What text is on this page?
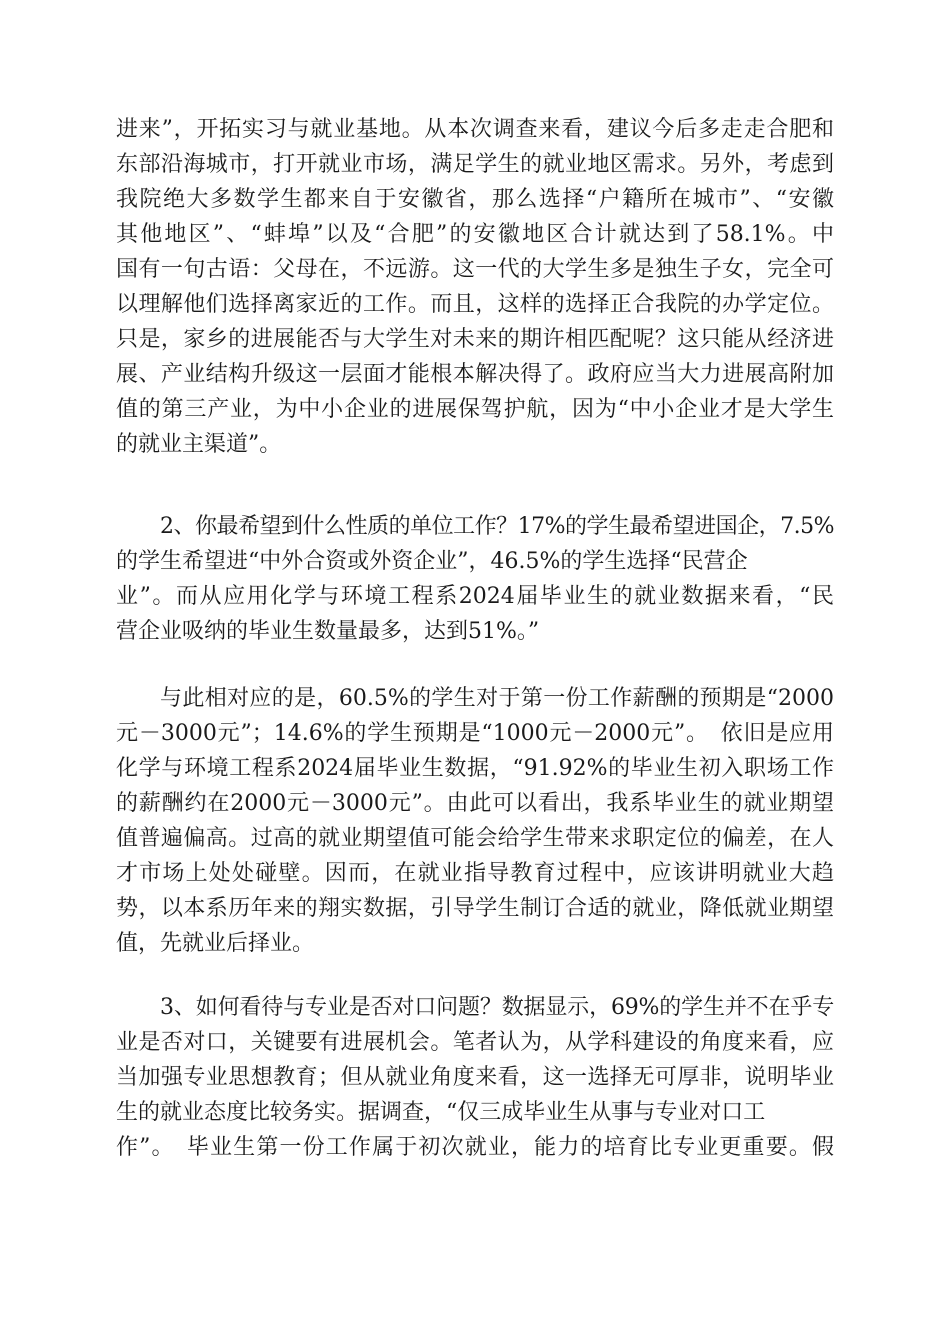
进来”，开拓实习与就业基地。从本次调查来看，建议今后多走走合肥和
东部沿海城市，打开就业市场，满足学生的就业地区需求。另外，考虑到
我院绝大多数学生都来自于安徽省，那么选择“户籍所在城市”、“安徽
其他地区”、“蚌埠”以及“合肥”的安徽地区合计就达到了58.1%。中
国有一句古语：父母在，不远游。这一代的大学生多是独生子女，完全可
以理解他们选择离家近的工作。而且，这样的选择正合我院的办学定位。
只是，家乡的进展能否与大学生对未来的期许相匹配呢？这只能从经济进
展、产业结构升级这一层面才能根本解决得了。政府应当大力进展高附加
值的第三产业，为中小企业的进展保驾护航，因为“中小企业才是大学生
的就业主渠道”。
2、你最希望到什么性质的单位工作？17%的学生最希望进国企，7.5%
的学生希望进“中外合资或外资企业”，46.5%的学生选择“民营企
业”。而从应用化学与环境工程系2024届毕业生的就业数据来看，“民
营企业吸纳的毕业生数量最多，达到51%。”
与此相对应的是，60.5%的学生对于第一份工作薪酬的预期是“2000
元－3000元”；14.6%的学生预期是“1000元－2000元”。　依旧是应用
化学与环境工程系2024届毕业生数据，“91.92%的毕业生初入职场工作
的薪酬约在2000元－3000元”。由此可以看出，我系毕业生的就业期望
值普遍偏高。过高的就业期望值可能会给学生带来求职定位的偏差，在人
才市场上处处碰壁。因而，在就业指导教育过程中，应该讲明就业大趋
势，以本系历年来的翔实数据，引导学生制订合适的就业，降低就业期望
值，先就业后择业。
3、如何看待与专业是否对口问题？数据显示，69%的学生并不在乎专
业是否对口，关键要有进展机会。笔者认为，从学科建设的角度来看，应
当加强专业思想教育；但从就业角度来看，这一选择无可厚非，说明毕业
生的就业态度比较务实。据调查，“仅三成毕业生从事与专业对口工
作”。　毕业生第一份工作属于初次就业，能力的培育比专业更重要。假
